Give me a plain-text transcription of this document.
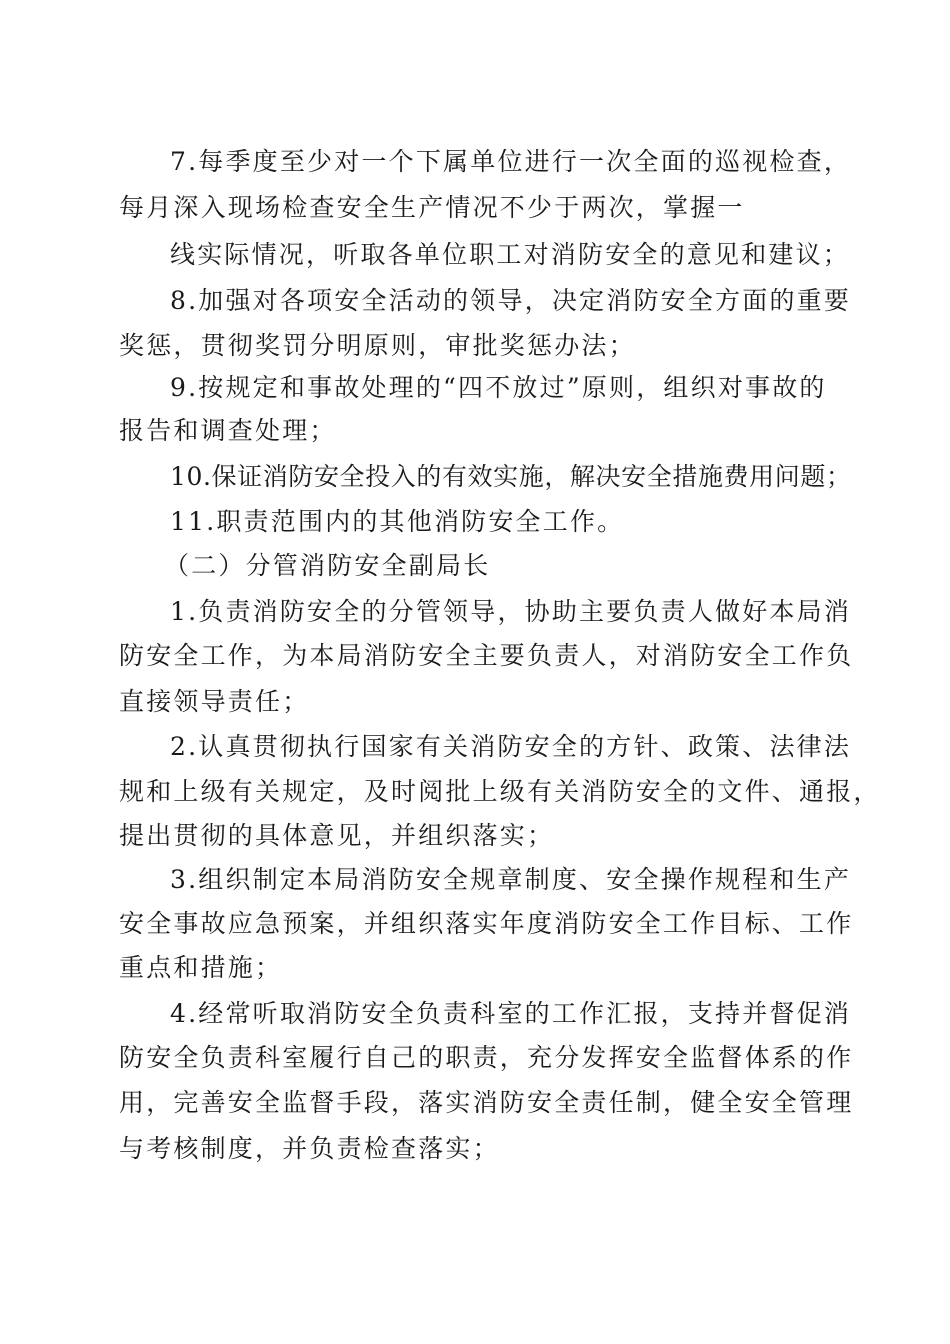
7.每季度至少对一个下属单位进行一次全面的巡视检查，

每月深入现场检查安全生产情况不少于两次，掌握一

线实际情况，听取各单位职工对消防安全的意见和建议；

8.加强对各项安全活动的领导，决定消防安全方面的重要

奖惩，贯彻奖罚分明原则，审批奖惩办法；

9.按规定和事故处理的“四不放过”原则，组织对事故的

报告和调查处理；

10.保证消防安全投入的有效实施，解决安全措施费用问题；

11.职责范围内的其他消防安全工作。

（二）分管消防安全副局长

1.负责消防安全的分管领导，协助主要负责人做好本局消

防安全工作，为本局消防安全主要负责人，对消防安全工作负

直接领导责任；

2.认真贯彻执行国家有关消防安全的方针、政策、法律法

规和上级有关规定，及时阅批上级有关消防安全的文件、通报，

提出贯彻的具体意见，并组织落实；

3.组织制定本局消防安全规章制度、安全操作规程和生产

安全事故应急预案，并组织落实年度消防安全工作目标、工作

重点和措施；

4.经常听取消防安全负责科室的工作汇报，支持并督促消

防安全负责科室履行自己的职责，充分发挥安全监督体系的作

用，完善安全监督手段，落实消防安全责任制，健全安全管理

与考核制度，并负责检查落实；
